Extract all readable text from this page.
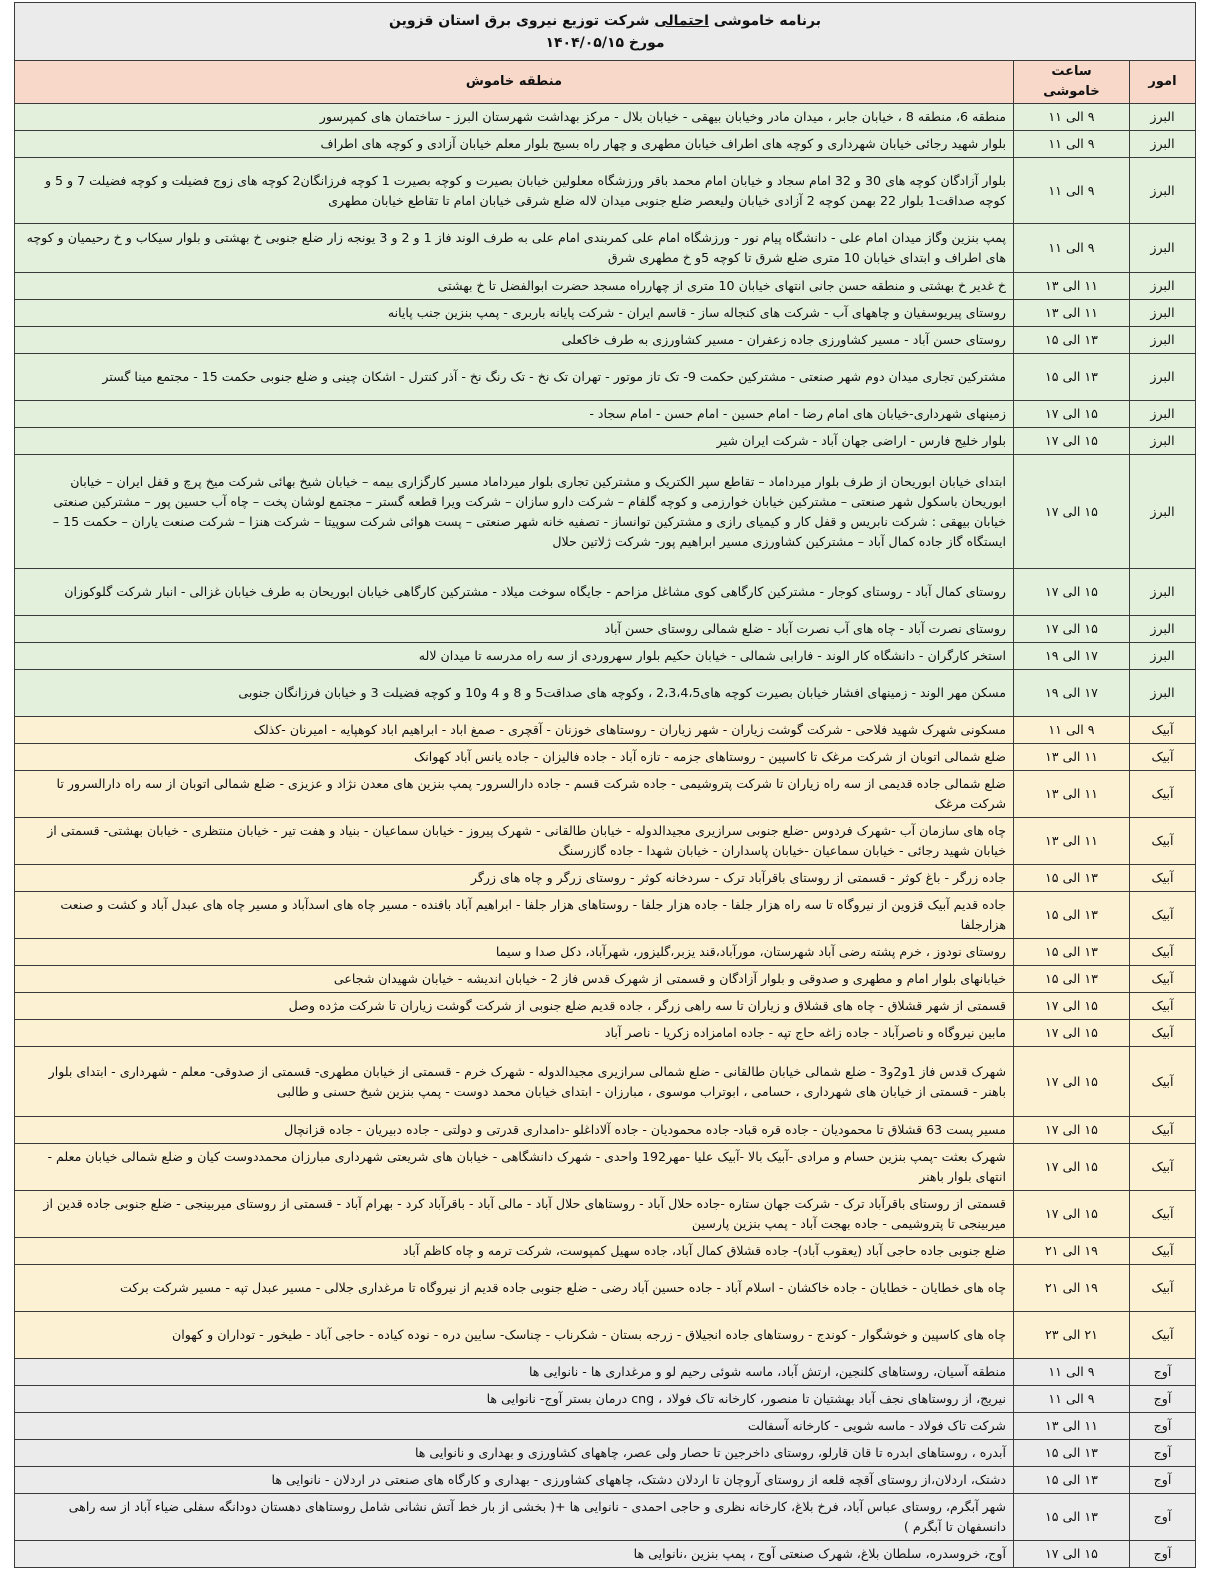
برنامه خاموشی احتمالی شرکت توزیع نیروی برق استان قزوین
مورخ ۱۴۰۴/۰۵/۱۵		

امور	ساعت خاموشی	منطقه خاموش
البرز	۹ الی ۱۱	منطقه 6، منطقه 8 ، خیابان جابر ، میدان مادر وخیابان بیهقی - خیابان بلال - مرکز بهداشت شهرستان البرز - ساختمان های کمپرسور
البرز	۹ الی ۱۱	بلوار شهید رجائی خیابان شهرداری و کوچه های اطراف خیابان مطهری و چهار راه بسیج بلوار معلم خیابان آزادی و کوچه های اطراف
البرز	۹ الی ۱۱	بلوار آزادگان کوچه های 30 و 32 امام سجاد و خیابان امام محمد باقر ورزشگاه معلولین خیابان بصیرت و کوچه بصیرت 1 کوچه فرزانگان2 کوچه های زوج فضیلت و کوچه فضیلت 7 و 5 و کوچه صداقت1 بلوار 22 بهمن کوچه 2 آزادی خیابان ولیعصر ضلع جنوبی میدان لاله ضلع شرقی خیابان امام تا تقاطع خیابان مطهری
البرز	۹ الی ۱۱	پمپ بنزین وگاز میدان امام علی - دانشگاه پیام نور - ورزشگاه امام علی کمربندی امام علی به طرف الوند فاز 1 و 2 و 3 یونجه زار ضلع جنوبی خ بهشتی و بلوار سیکاب و خ رحیمیان و کوچه های اطراف و ابتدای خیابان 10 متری ضلع شرق تا کوچه 5و خ مطهری شرق
البرز	۱۱ الی ۱۳	خ غدیر خ بهشتی و منطقه حسن جانی انتهای خیابان 10 متری از چهارراه مسجد حضرت ابوالفضل تا خ بهشتی
البرز	۱۱ الی ۱۳	روستای پیریوسفیان و چاههای آب - شرکت های کنجاله ساز - قاسم ایران - شرکت پایانه باربری - پمپ بنزین جنب پایانه
البرز	۱۳ الی ۱۵	روستای حسن آباد - مسیر کشاورزی جاده زعفران - مسیر کشاورزی به طرف خاکعلی
البرز	۱۳ الی ۱۵	مشترکین تجاری میدان دوم شهر صنعتی - مشترکین حکمت 9- تک تاز موتور - تهران تک نخ - تک رنگ نخ - آذر کنترل - اشکان چینی و ضلع جنوبی حکمت 15 - مجتمع مینا گستر
البرز	۱۵ الی ۱۷	زمینهای شهرداری-خیابان های امام رضا - امام حسین - امام حسن - امام سجاد -
البرز	۱۵ الی ۱۷	بلوار خلیج فارس - اراضی جهان آباد - شرکت ایران شیر
البرز	۱۵ الی ۱۷	ابتدای خیابان ابوریحان از طرف بلوار میرداماد – تقاطع سپر الکتریک و مشترکین تجاری بلوار میرداماد مسیر کارگزاری بیمه – خیابان شیخ بهائی شرکت میخ پرچ و قفل ایران – خیابان ابوریحان باسکول شهر صنعتی – مشترکین خیابان خوارزمی و کوچه گلفام – شرکت دارو سازان – شرکت ویرا قطعه گستر – مجتمع لوشان پخت – چاه آب حسین پور – مشترکین صنعتی خیابان بیهقی : شرکت نابریس و قفل کار و کیمیای رازی و مشترکین توانساز - تصفیه خانه شهر صنعتی – پست هوائی شرکت سوپیتا – شرکت هنزا – شرکت صنعت یاران – حکمت 15 – ایستگاه گاز جاده کمال آباد – مشترکین کشاورزی مسیر ابراهیم پور- شرکت ژلاتین حلال
البرز	۱۵ الی ۱۷	روستای کمال آباد - روستای کوجار - مشترکین کارگاهی کوی مشاغل مزاحم - جایگاه سوخت میلاد - مشترکین کارگاهی خیابان ابوریحان به طرف خیابان غزالی - انبار شرکت گلوکوزان
البرز	۱۵ الی ۱۷	روستای نصرت آباد - چاه های آب نصرت آباد - ضلع شمالی روستای حسن آباد
البرز	۱۷ الی ۱۹	استخر کارگران - دانشگاه کار الوند - فارابی شمالی - خیابان حکیم بلوار سهروردی از سه راه مدرسه تا میدان لاله
البرز	۱۷ الی ۱۹	مسکن مهر الوند - زمینهای افشار خیابان بصیرت کوچه های2،3،4،5 ، وکوچه های صداقت5 و 8 و 4 و10 و کوچه فضیلت 3 و خیابان فرزانگان جنوبی
آبیک	۹ الی ۱۱	مسکونی شهرک شهید فلاحی - شرکت گوشت زیاران - شهر زیاران - روستاهای خوزنان - آقچری - صمغ اباد - ابراهیم اباد کوهپایه - امیرنان -کذلک
آبیک	۱۱ الی ۱۳	ضلع شمالی اتوبان از شرکت مرغک تا کاسپین - روستاهای جزمه - تازه آباد - جاده فالیزان - جاده یانس آباد کهوانک
آبیک	۱۱ الی ۱۳	ضلع شمالی جاده قدیمی از سه راه زیاران تا شرکت پتروشیمی - جاده شرکت قسم - جاده دارالسرور- پمپ بنزین های معدن نژاد و عزیزی - ضلع شمالی اتوبان از سه راه دارالسرور تا شرکت مرغک
آبیک	۱۱ الی ۱۳	چاه های سازمان آب -شهرک فردوس -ضلع جنوبی سرازیری مجیدالدوله - خیابان طالقانی - شهرک پیروز - خیابان سماعیان - بنیاد و هفت تیر - خیابان منتظری - خیابان بهشتی- قسمتی از خیابان شهید رجائی - خیابان سماعیان -خیابان پاسداران - خیابان شهدا - جاده گازرسنگ
آبیک	۱۳ الی ۱۵	جاده زرگر - باغ کوثر - قسمتی از روستای باقرآباد ترک - سردخانه کوثر - روستای زرگر و چاه های زرگر
آبیک	۱۳ الی ۱۵	جاده قدیم آبیک قزوین از نیروگاه تا سه راه هزار جلفا - جاده هزار جلفا - روستاهای هزار جلفا - ابراهیم آباد بافنده - مسیر چاه های اسدآباد و مسیر چاه های عبدل آباد و کشت و صنعت هزارجلفا
آبیک	۱۳ الی ۱۵	روستای نودوز ، خرم پشته رضی آباد شهرستان، مورآباد،قند یزبر،گلیزور، شهرآباد، دکل صدا و سیما
آبیک	۱۳ الی ۱۵	خیابانهای بلوار امام و مطهری و صدوقی و بلوار آزادگان و قسمتی از شهرک قدس فاز 2 - خیابان اندیشه - خیابان شهیدان شجاعی
آبیک	۱۵ الی ۱۷	قسمتی از شهر قشلاق - چاه های قشلاق و زیاران تا سه راهی زرگر ، جاده قدیم ضلع جنوبی از شرکت گوشت زیاران تا شرکت مژده وصل
آبیک	۱۵ الی ۱۷	مابین نیروگاه و ناصرآباد - جاده زاغه حاج تپه - جاده امامزاده زکریا - ناصر آباد
آبیک	۱۵ الی ۱۷	شهرک قدس فاز 1و2و3 - ضلع شمالی خیابان طالقانی - ضلع شمالی سرازیری مجیدالدوله - شهرک خرم - قسمتی از خیابان مطهری- قسمتی از صدوقی- معلم - شهرداری - ابتدای بلوار باهنر - قسمتی از خیابان های شهرداری ، حسامی ، ابوتراب موسوی ، مبارزان - ابتدای خیابان محمد دوست - پمپ بنزین شیخ حسنی و طالبی
آبیک	۱۵ الی ۱۷	مسیر پست 63 قشلاق تا محمودیان - جاده قره قباد- جاده محمودیان - جاده آلاداغلو -دامداری قدرتی و دولتی - جاده دبیریان - جاده قزانچال
آبیک	۱۵ الی ۱۷	شهرک بعثت -پمپ بنزین حسام و مرادی -آبیک بالا -آبیک علیا -مهر192 واحدی - شهرک دانشگاهی - خیابان های شریعتی شهرداری مبارزان محمددوست کیان و ضلع شمالی خیابان معلم - انتهای بلوار باهنر
آبیک	۱۵ الی ۱۷	قسمتی از روستای باقرآباد ترک - شرکت جهان ستاره -جاده حلال آباد - روستاهای حلال آباد - مالی آباد - باقرآباد کرد - بهرام آباد - قسمتی از روستای میربینجی - ضلع جنوبی جاده قدین از میربینجی تا پتروشیمی - جاده بهجت آباد - پمپ بنزین پارسین
آبیک	۱۹ الی ۲۱	ضلع جنوبی جاده حاجی آباد (یعقوب آباد)- جاده قشلاق کمال آباد، جاده سهیل کمپوست، شرکت ترمه و چاه کاظم آباد
آبیک	۱۹ الی ۲۱	چاه های خطایان - خطایان - جاده خاکشان - اسلام آباد - جاده حسین آباد رضی - ضلع جنوبی جاده قدیم از نیروگاه تا مرغداری جلالی - مسیر عبدل تپه - مسیر شرکت برکت
آبیک	۲۱ الی ۲۳	چاه های کاسپین و خوشگوار - کوندج - روستاهای جاده انجیلاق - زرجه بستان - شکرناب - چناسک- سایین دره - نوده کیاده - حاجی آباد - طیخور - توداران و کهوان
آوج	۹ الی ۱۱	منطقه آسیان، روستاهای کلنجین، ارتش آباد، ماسه شوئی رحیم لو و مرغداری ها - نانوایی ها
آوج	۹ الی ۱۱	نیریج، از روستاهای نجف آباد بهشتیان تا منصور، کارخانه تاک فولاد ، cng درمان بستر آوج- نانوایی ها
آوج	۱۱ الی ۱۳	شرکت تاک فولاد - ماسه شویی - کارخانه آسفالت
آوج	۱۳ الی ۱۵	آبدره ، روستاهای ابدره تا قان قارلو، روستای داخرجین تا حصار ولی عصر، چاههای کشاورزی و بهداری و نانوایی ها
آوج	۱۳ الی ۱۵	دشتک، اردلان،از روستای آقچه قلعه از روستای آروچان تا اردلان دشتک، چاههای کشاورزی - بهداری و کارگاه های صنعتی در اردلان - نانوایی ها
آوج	۱۳ الی ۱۵	شهر آبگرم، روستای عباس آباد، فرخ بلاغ، کارخانه نظری و حاجی احمدی - نانوایی ها +( بخشی از بار خط آتش نشانی شامل روستاهای دهستان دودانگه سفلی ضیاء آباد از سه راهی دانسفهان تا آبگرم )
آوج	۱۵ الی ۱۷	آوج، خروسدره، سلطان بلاغ، شهرک صنعتی آوج ، پمپ بنزین ،نانوایی ها
